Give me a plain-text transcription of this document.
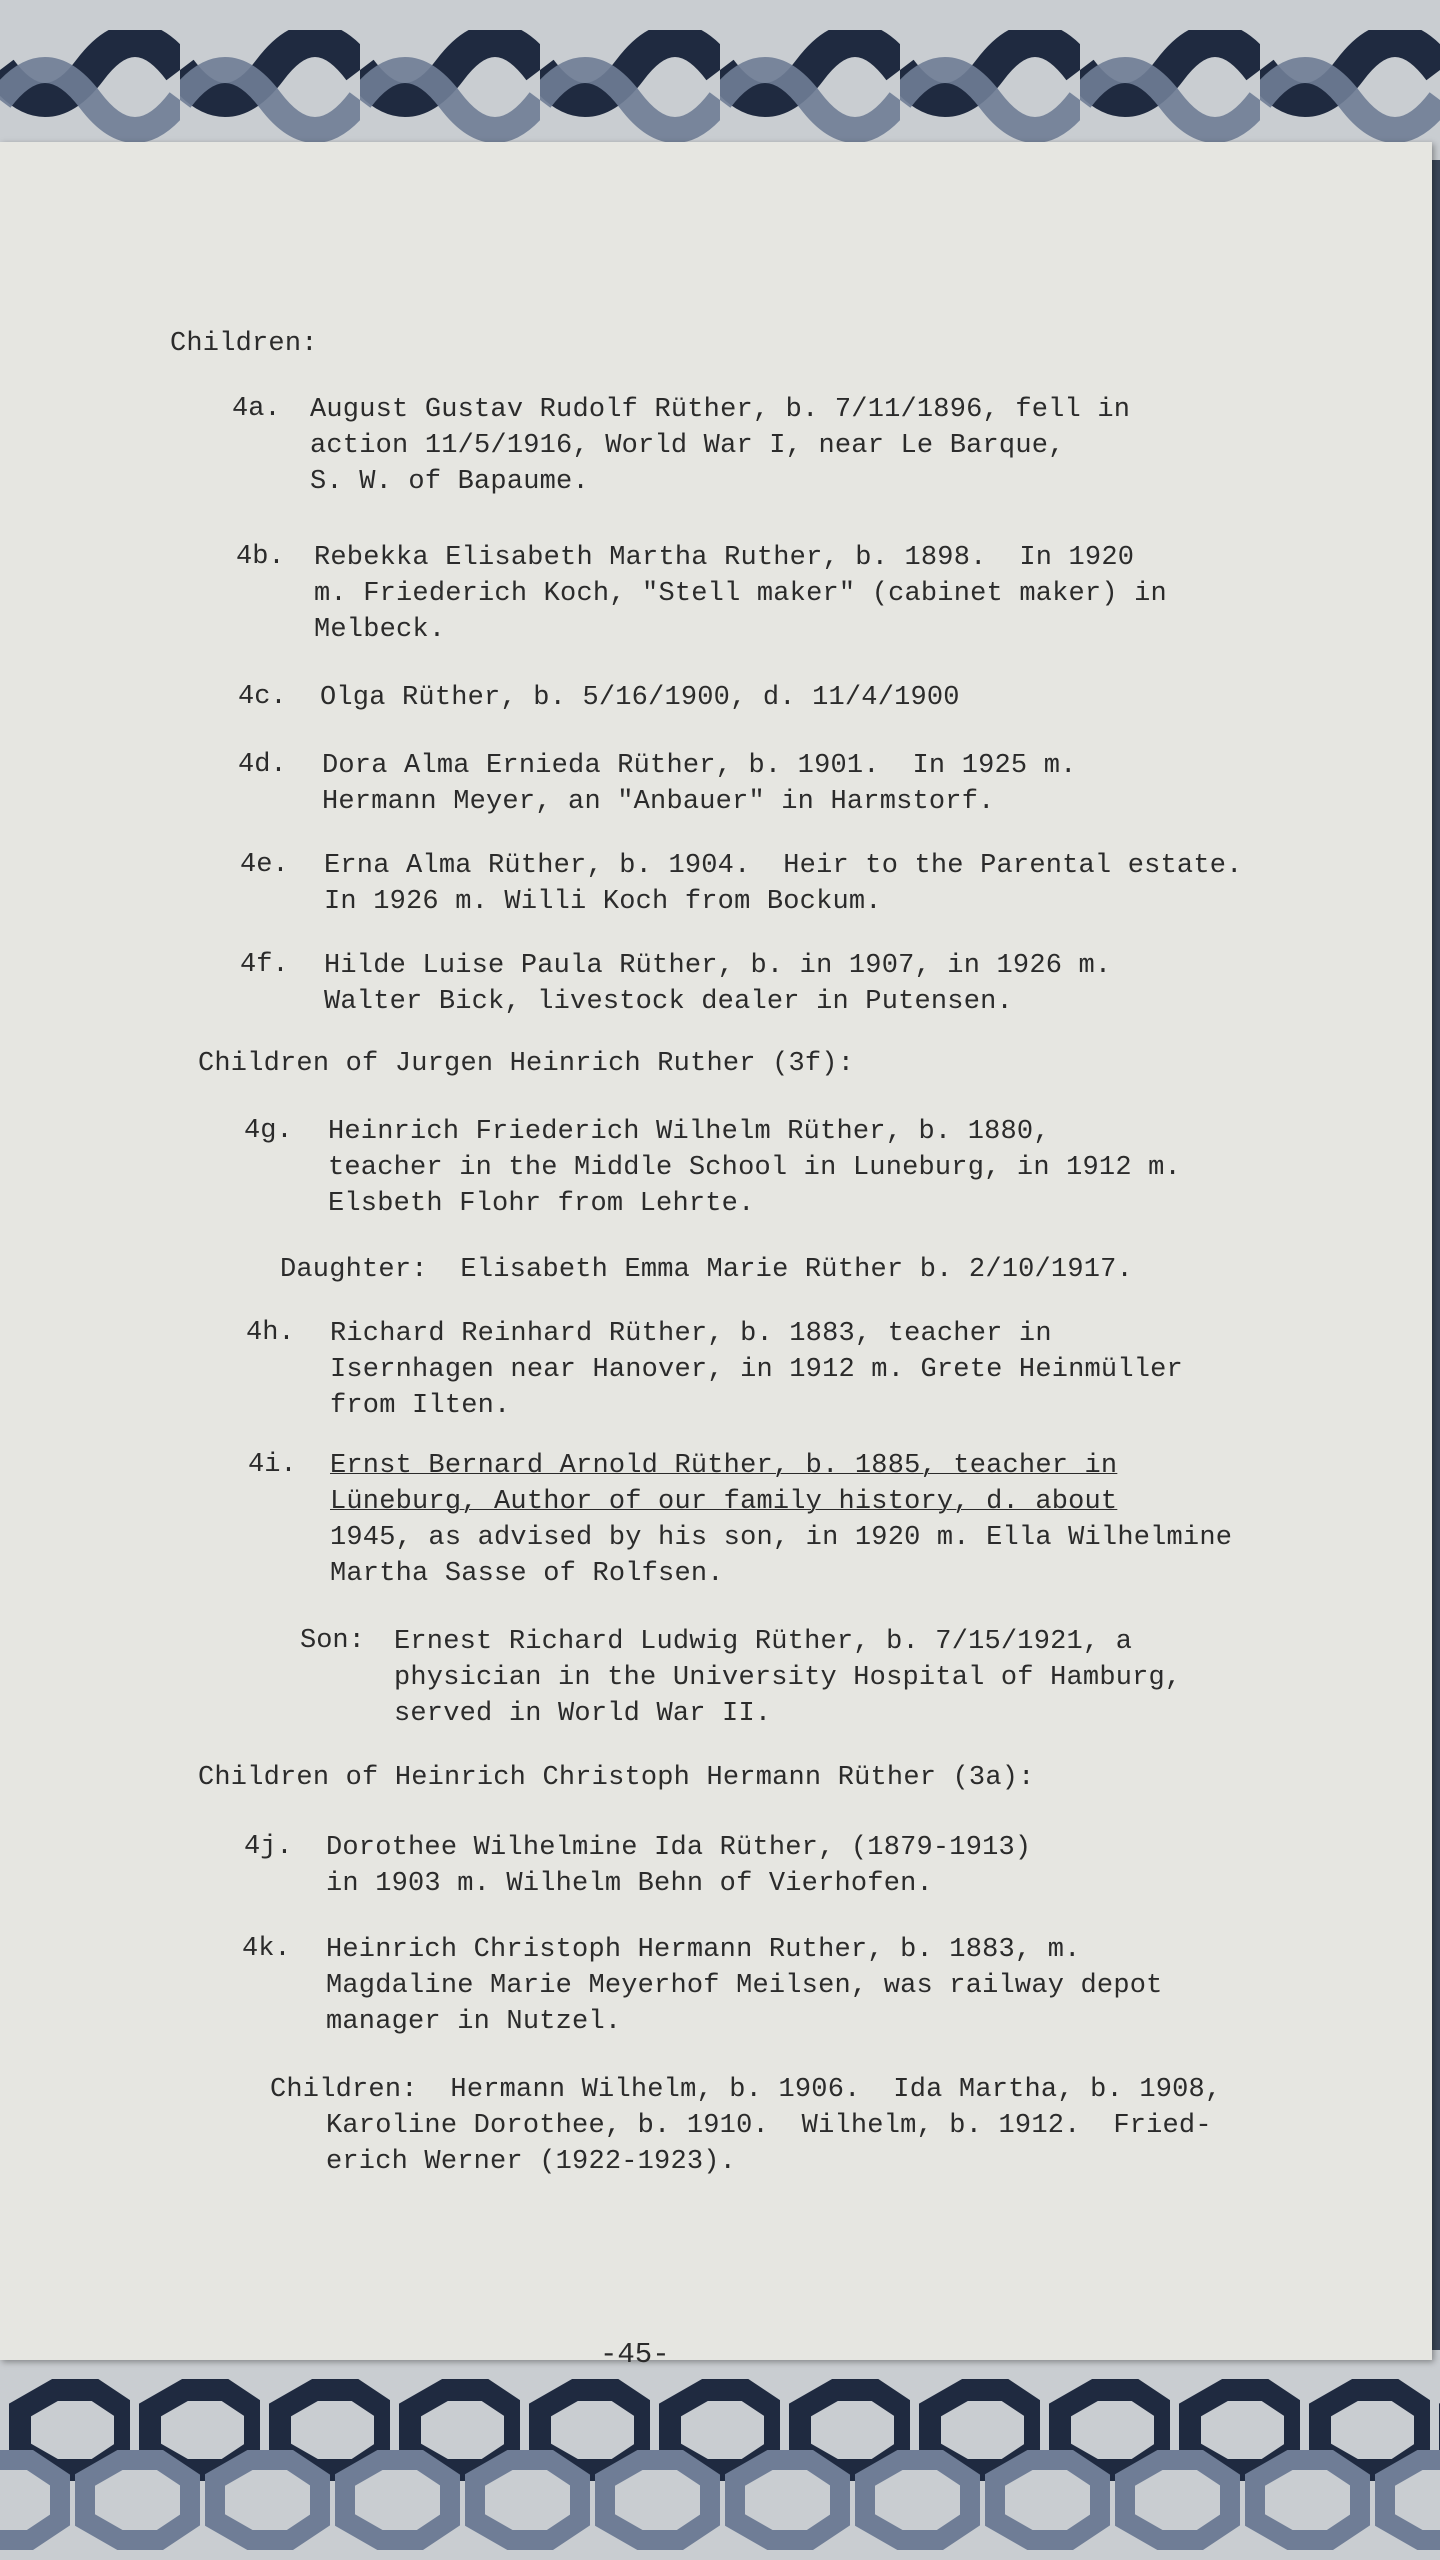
Children:
4a. August Gustav Rudolf Rüther, b. 7/11/1896, fell in
action 11/5/1916, World War I, near Le Barque,
S. W. of Bapaume.
4b. Rebekka Elisabeth Martha Ruther, b. 1898.  In 1920
m. Friederich Koch, "Stell maker" (cabinet maker) in
Melbeck.
4c. Olga Rüther, b. 5/16/1900, d. 11/4/1900
4d. Dora Alma Ernieda Rüther, b. 1901.  In 1925 m.
Hermann Meyer, an "Anbauer" in Harmstorf.
4e. Erna Alma Rüther, b. 1904.  Heir to the Parental estate.
In 1926 m. Willi Koch from Bockum.
4f. Hilde Luise Paula Rüther, b. in 1907, in 1926 m.
Walter Bick, livestock dealer in Putensen.
Children of Jurgen Heinrich Ruther (3f):
4g. Heinrich Friederich Wilhelm Rüther, b. 1880,
teacher in the Middle School in Luneburg, in 1912 m.
Elsbeth Flohr from Lehrte.
Daughter:  Elisabeth Emma Marie Rüther b. 2/10/1917.
4h. Richard Reinhard Rüther, b. 1883, teacher in
Isernhagen near Hanover, in 1912 m. Grete Heinmüller
from Ilten.
4i. Ernst Bernard Arnold Rüther, b. 1885, teacher in
Lüneburg, Author of our family history, d. about
1945, as advised by his son, in 1920 m. Ella Wilhelmine
Martha Sasse of Rolfsen.
Son: Ernest Richard Ludwig Rüther, b. 7/15/1921, a
physician in the University Hospital of Hamburg,
served in World War II.
Children of Heinrich Christoph Hermann Rüther (3a):
4j. Dorothee Wilhelmine Ida Rüther, (1879-1913)
in 1903 m. Wilhelm Behn of Vierhofen.
4k. Heinrich Christoph Hermann Ruther, b. 1883, m.
Magdaline Marie Meyerhof Meilsen, was railway depot
manager in Nutzel.
Children:  Hermann Wilhelm, b. 1906.  Ida Martha, b. 1908,
Karoline Dorothee, b. 1910.  Wilhelm, b. 1912.  Fried-
erich Werner (1922-1923).
-45-
